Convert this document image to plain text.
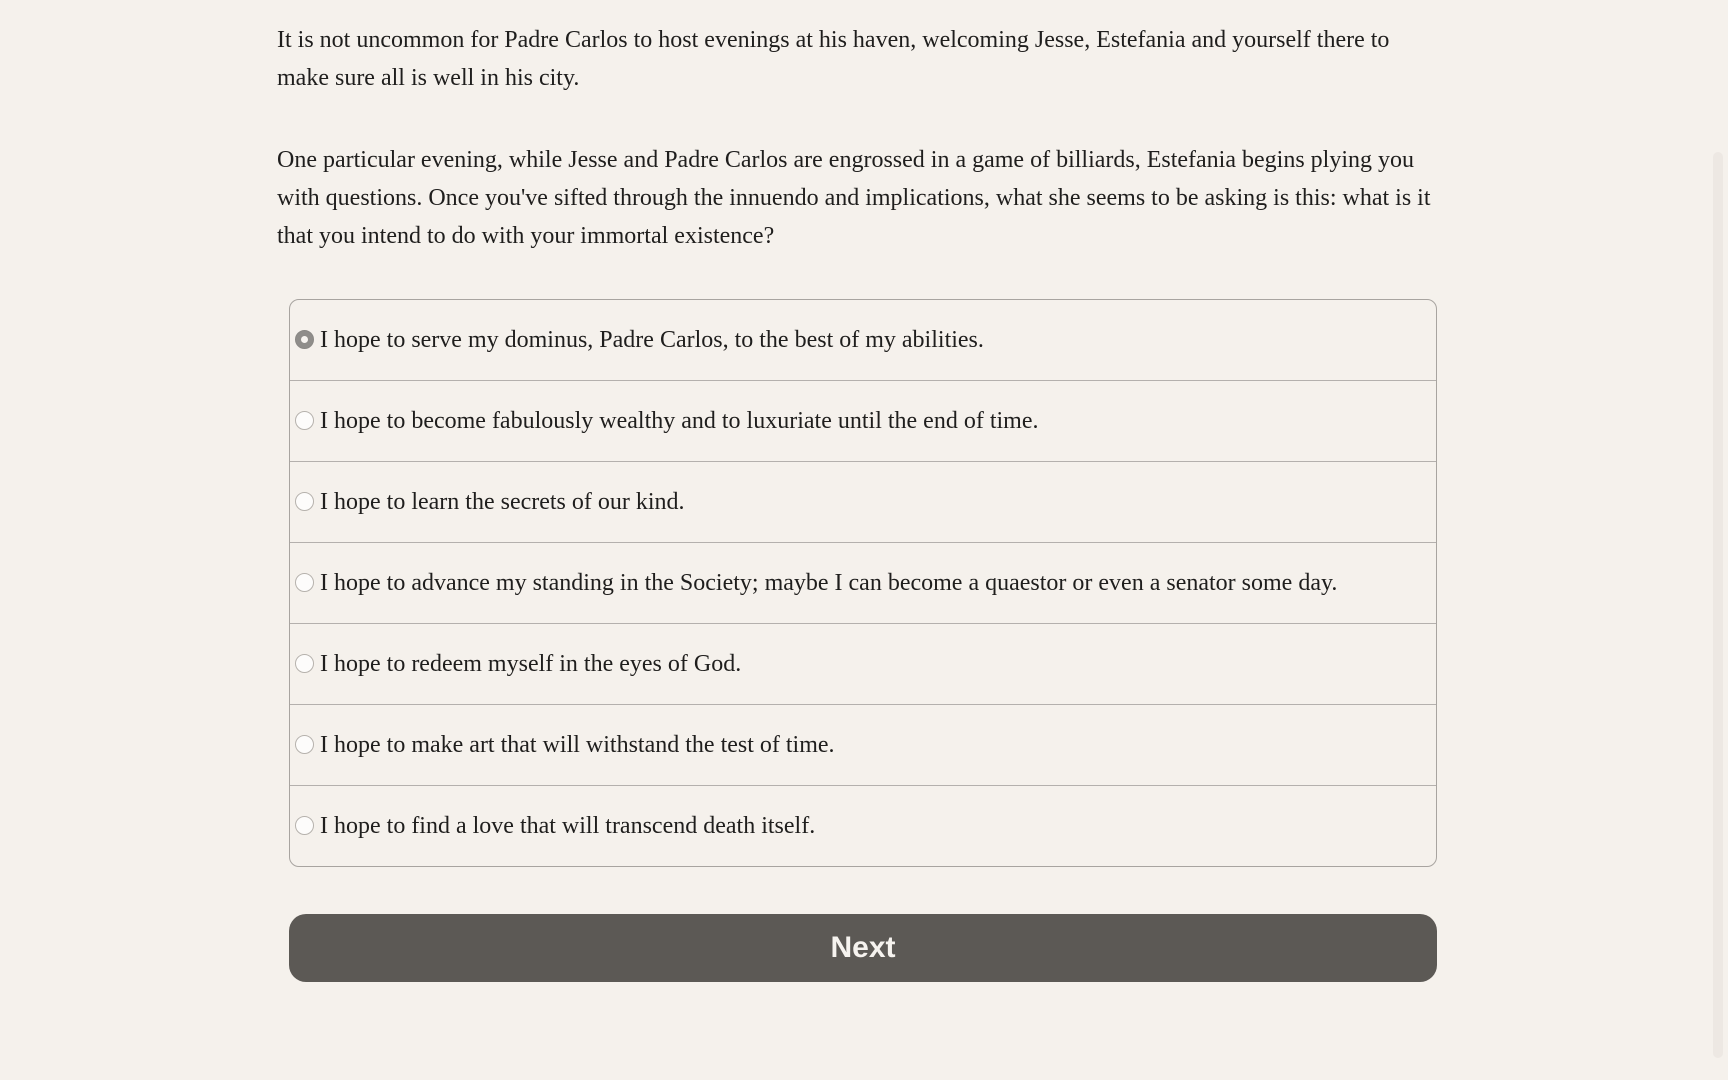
It is not uncommon for Padre Carlos to host evenings at his haven, welcoming Jesse, Estefania and yourself there to make sure all is well in his city.

One particular evening, while Jesse and Padre Carlos are engrossed in a game of billiards, Estefania begins plying you with questions. Once you've sifted through the innuendo and implications, what she seems to be asking is this: what is it that you intend to do with your immortal existence?

I hope to serve my dominus, Padre Carlos, to the best of my abilities.
I hope to become fabulously wealthy and to luxuriate until the end of time.
I hope to learn the secrets of our kind.
I hope to advance my standing in the Society; maybe I can become a quaestor or even a senator some day.
I hope to redeem myself in the eyes of God.
I hope to make art that will withstand the test of time.
I hope to find a love that will transcend death itself.
Next
